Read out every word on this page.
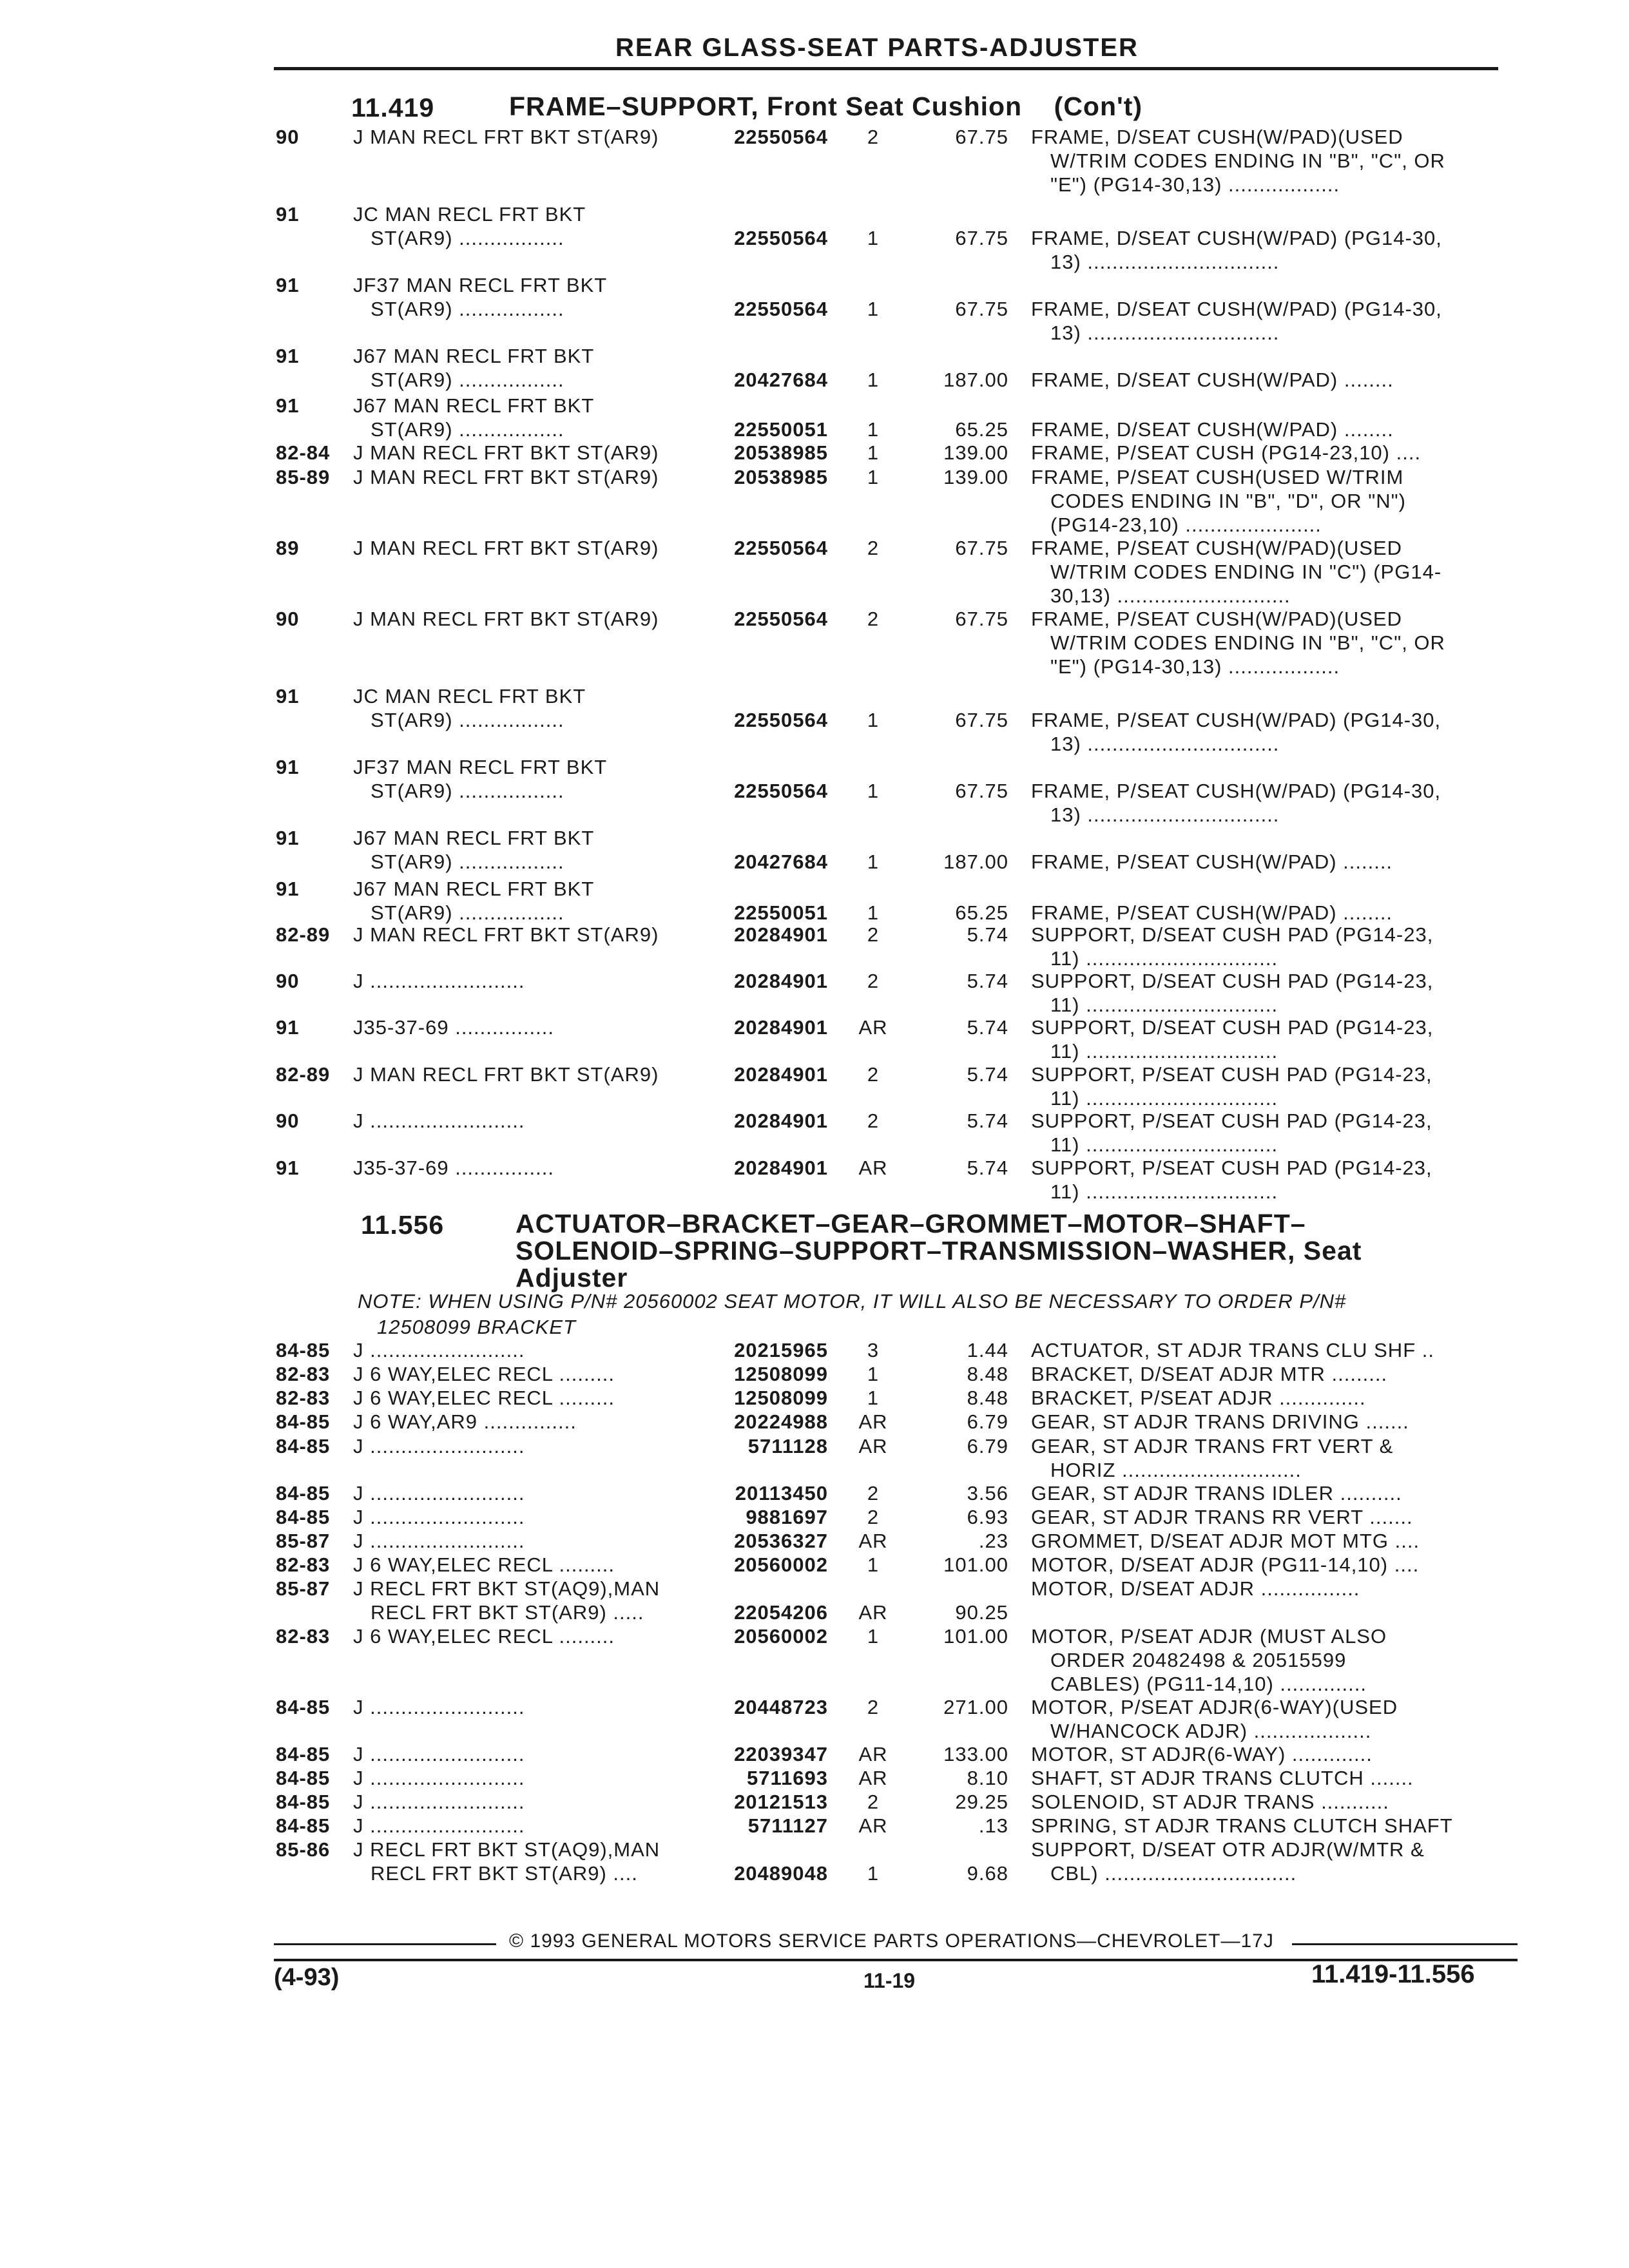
REAR GLASS-SEAT PARTS-ADJUSTER
11.419	FRAME–SUPPORT, Front Seat Cushion    (Con't)
11.556	ACTUATOR–BRACKET–GEAR–GROMMET–MOTOR–SHAFT–
SOLENOID–SPRING–SUPPORT–TRANSMISSION–WASHER, Seat
Adjuster
NOTE: WHEN USING P/N# 20560002 SEAT MOTOR, IT WILL ALSO BE NECESSARY TO ORDER P/N#
12508099 BRACKET
90	J MAN RECL FRT BKT ST(AR9)	22550564	2	67.75 FRAME, D/SEAT CUSH(W/PAD)(USED
W/TRIM CODES ENDING IN "B", "C", OR
"E") (PG14-30,13) ..................
91	JC MAN RECL FRT BKT
ST(AR9) .................	22550564	1	67.75 FRAME, D/SEAT CUSH(W/PAD) (PG14-30,
13) ...............................
91	JF37 MAN RECL FRT BKT
ST(AR9) .................	22550564	1	67.75 FRAME, D/SEAT CUSH(W/PAD) (PG14-30,
13) ...............................
91	J67 MAN RECL FRT BKT
ST(AR9) .................	20427684	1	187.00 FRAME, D/SEAT CUSH(W/PAD) ........
91	J67 MAN RECL FRT BKT
ST(AR9) .................	22550051	1	65.25 FRAME, D/SEAT CUSH(W/PAD) ........
82-84 J MAN RECL FRT BKT ST(AR9)	20538985	1	139.00 FRAME, P/SEAT CUSH (PG14-23,10) ....
85-89 J MAN RECL FRT BKT ST(AR9)	20538985	1	139.00 FRAME, P/SEAT CUSH(USED W/TRIM
CODES ENDING IN "B", "D", OR "N")
(PG14-23,10) ......................
89	J MAN RECL FRT BKT ST(AR9)	22550564	2	67.75 FRAME, P/SEAT CUSH(W/PAD)(USED
W/TRIM CODES ENDING IN "C") (PG14-
30,13) ............................
90	J MAN RECL FRT BKT ST(AR9)	22550564	2	67.75 FRAME, P/SEAT CUSH(W/PAD)(USED
W/TRIM CODES ENDING IN "B", "C", OR
"E") (PG14-30,13) ..................
91	JC MAN RECL FRT BKT
ST(AR9) .................	22550564	1	67.75 FRAME, P/SEAT CUSH(W/PAD) (PG14-30,
13) ...............................
91	JF37 MAN RECL FRT BKT
ST(AR9) .................	22550564	1	67.75 FRAME, P/SEAT CUSH(W/PAD) (PG14-30,
13) ...............................
91	J67 MAN RECL FRT BKT
ST(AR9) .................	20427684	1	187.00 FRAME, P/SEAT CUSH(W/PAD) ........
91	J67 MAN RECL FRT BKT
ST(AR9) .................	22550051	1	65.25 FRAME, P/SEAT CUSH(W/PAD) ........
82-89 J MAN RECL FRT BKT ST(AR9)	20284901	2	5.74 SUPPORT, D/SEAT CUSH PAD (PG14-23,
11) ...............................
90	J .........................	20284901	2	5.74 SUPPORT, D/SEAT CUSH PAD (PG14-23,
11) ...............................
91	J35-37-69 ................	20284901	AR	5.74 SUPPORT, D/SEAT CUSH PAD (PG14-23,
11) ...............................
82-89 J MAN RECL FRT BKT ST(AR9)	20284901	2	5.74 SUPPORT, P/SEAT CUSH PAD (PG14-23,
11) ...............................
90	J .........................	20284901	2	5.74 SUPPORT, P/SEAT CUSH PAD (PG14-23,
11) ...............................
91	J35-37-69 ................	20284901	AR	5.74 SUPPORT, P/SEAT CUSH PAD (PG14-23,
11) ...............................
84-85 J .........................	20215965	3	1.44 ACTUATOR, ST ADJR TRANS CLU SHF ..
82-83 J 6 WAY,ELEC RECL .........	12508099	1	8.48 BRACKET, D/SEAT ADJR MTR .........
82-83 J 6 WAY,ELEC RECL .........	12508099	1	8.48 BRACKET, P/SEAT ADJR ..............
84-85 J 6 WAY,AR9 ...............	20224988	AR	6.79 GEAR, ST ADJR TRANS DRIVING .......
84-85 J .........................	5711128	AR	6.79 GEAR, ST ADJR TRANS FRT VERT &
HORIZ .............................
84-85 J .........................	20113450	2	3.56 GEAR, ST ADJR TRANS IDLER ..........
84-85 J .........................	9881697	2	6.93 GEAR, ST ADJR TRANS RR VERT .......
85-87 J .........................	20536327	AR	.23 GROMMET, D/SEAT ADJR MOT MTG ....
82-83 J 6 WAY,ELEC RECL .........	20560002	1	101.00 MOTOR, D/SEAT ADJR (PG11-14,10) ....
85-87 J RECL FRT BKT ST(AQ9),MAN
RECL FRT BKT ST(AR9) .....	22054206	AR	90.25
MOTOR, D/SEAT ADJR ................
82-83 J 6 WAY,ELEC RECL .........	20560002	1	101.00 MOTOR, P/SEAT ADJR (MUST ALSO
ORDER 20482498 & 20515599
CABLES) (PG11-14,10) ..............
84-85 J .........................	20448723	2	271.00 MOTOR, P/SEAT ADJR(6-WAY)(USED
W/HANCOCK ADJR) ...................
84-85 J .........................	22039347	AR	133.00 MOTOR, ST ADJR(6-WAY) .............
84-85 J .........................	5711693	AR	8.10 SHAFT, ST ADJR TRANS CLUTCH .......
84-85 J .........................	20121513	2	29.25 SOLENOID, ST ADJR TRANS ...........
84-85 J .........................	5711127	AR	.13 SPRING, ST ADJR TRANS CLUTCH SHAFT
85-86 J RECL FRT BKT ST(AQ9),MAN
RECL FRT BKT ST(AR9) ....	20489048	1	9.68
SUPPORT, D/SEAT OTR ADJR(W/MTR &
CBL) ...............................
© 1993 GENERAL MOTORS SERVICE PARTS OPERATIONS—CHEVROLET—17J
(4-93)	11-19	11.419-11.556
